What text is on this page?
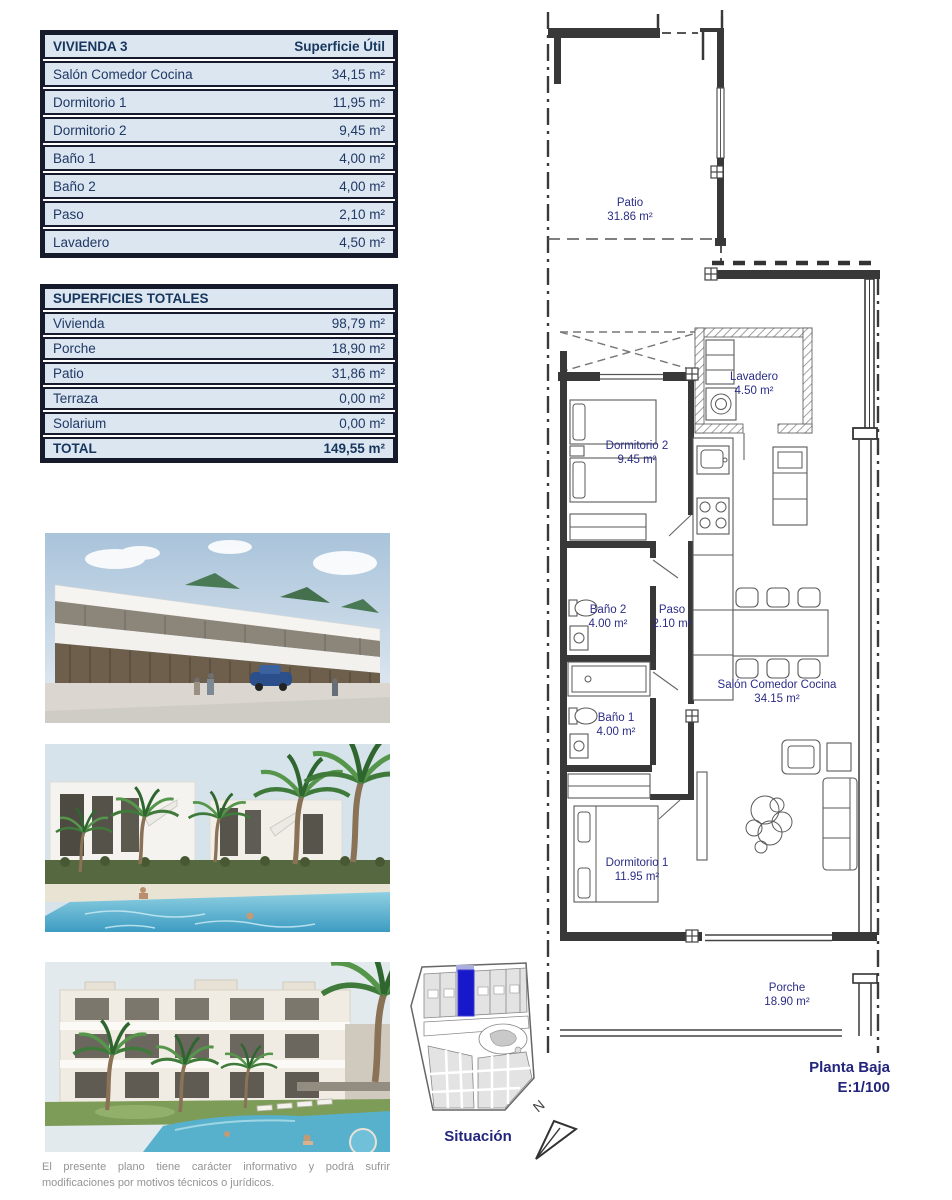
VIVIENDA 3	Superficie Útil
Salón Comedor Cocina	34,15 m²
Dormitorio 1	11,95 m²
Dormitorio 2	9,45 m²
Baño 1	4,00 m²
Baño 2	4,00 m²
Paso	2,10 m²
Lavadero	4,50 m²
SUPERFICIES TOTALES
Vivienda	98,79 m²
Porche	18,90 m²
Patio	31,86 m²
Terraza	0,00 m²
Solarium	0,00 m²
TOTAL	149,55 m²
El presente plano tiene carácter informativo y podrá sufrir modificaciones por motivos técnicos o jurídicos.
Patio
31.86 m²
Lavadero
4.50 m²
Dormitorio 2
9.45 m²
Baño 2
4.00 m²
Paso
2.10 m²
Baño 1
4.00 m²
Dormitorio 1
11.95 m²
Salón Comedor Cocina
34.15 m²
Porche
18.90 m²
Planta Baja
E:1/100
N
Situación
